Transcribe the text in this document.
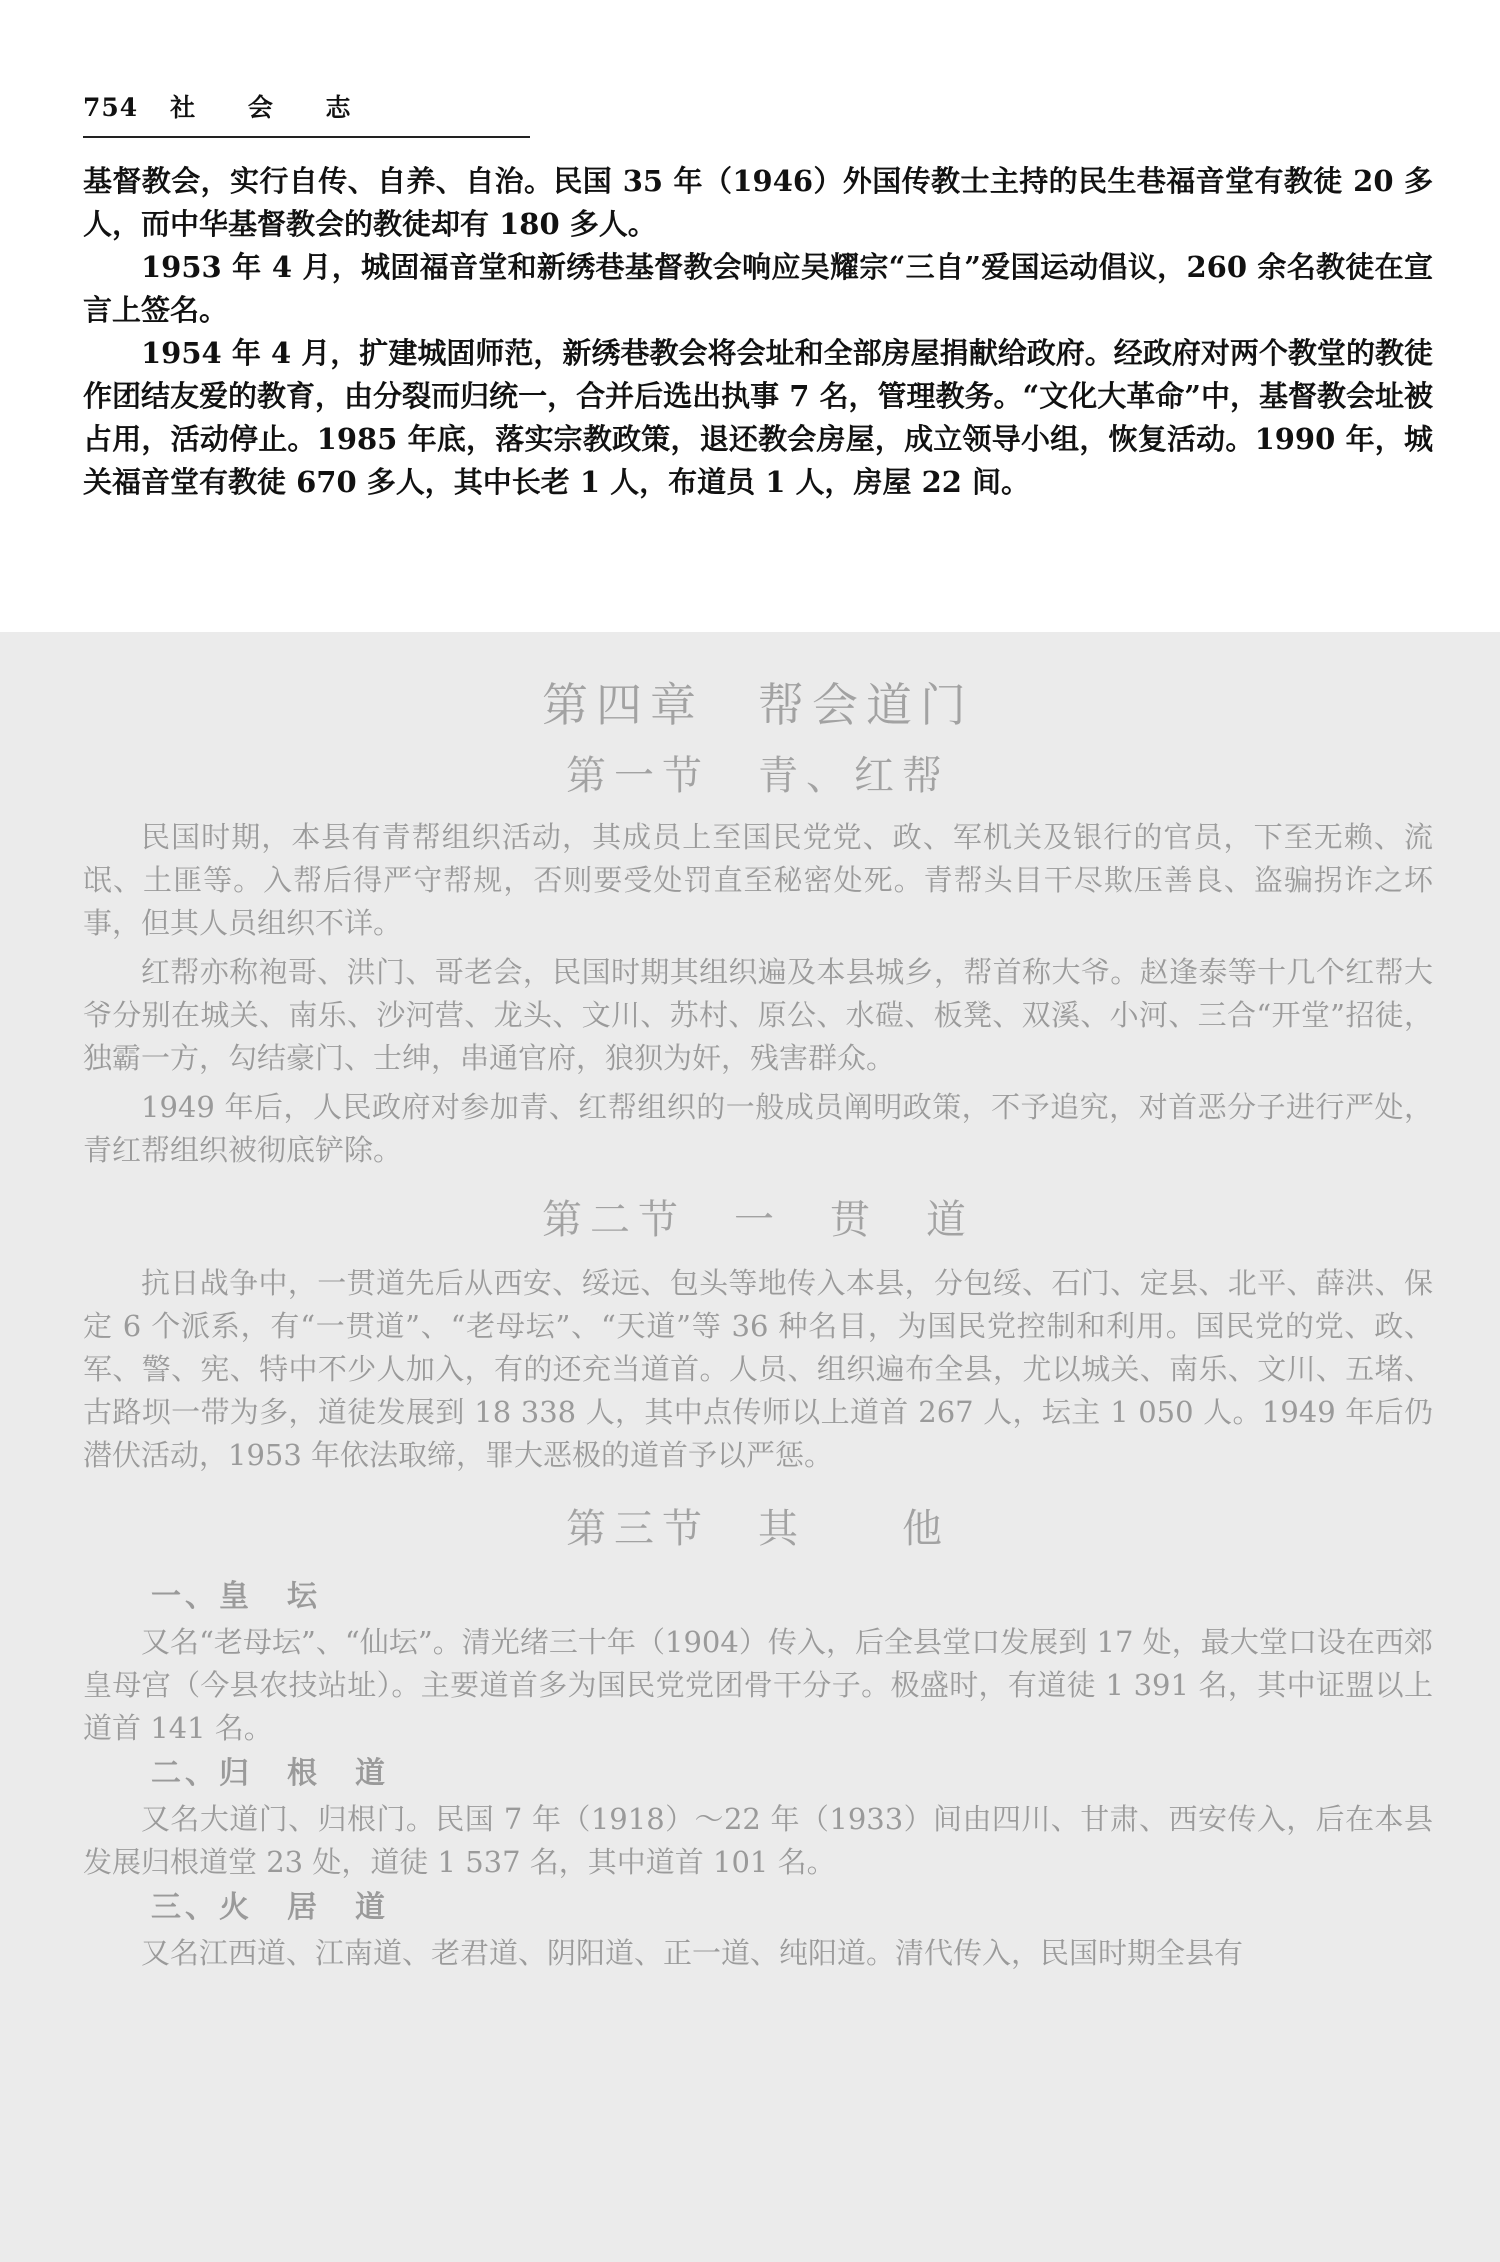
754 社 会 志

基督教会，实行自传、自养、自治。民国 35 年（1946）外国传教士主持的民生巷福音堂有教徒 20 多人，而中华基督教会的教徒却有 180 多人。

1953 年 4 月，城固福音堂和新绣巷基督教会响应吴耀宗“三自”爱国运动倡议，260 余名教徒在宣言上签名。

1954 年 4 月，扩建城固师范，新绣巷教会将会址和全部房屋捐献给政府。经政府对两个教堂的教徒作团结友爱的教育，由分裂而归统一，合并后选出执事 7 名，管理教务。“文化大革命”中，基督教会址被占用，活动停止。1985 年底，落实宗教政策，退还教会房屋，成立领导小组，恢复活动。1990 年，城关福音堂有教徒 670 多人，其中长老 1 人，布道员 1 人，房屋 22 间。

第四章　帮会道门
第一节　青、红帮

民国时期，本县有青帮组织活动，其成员上至国民党党、政、军机关及银行的官员，下至无赖、流氓、土匪等。入帮后得严守帮规，否则要受处罚直至秘密处死。青帮头目干尽欺压善良、盗骗拐诈之坏事，但其人员组织不详。

红帮亦称袍哥、洪门、哥老会，民国时期其组织遍及本县城乡，帮首称大爷。赵逢泰等十几个红帮大爷分别在城关、南乐、沙河营、龙头、文川、苏村、原公、水磑、板凳、双溪、小河、三合“开堂”招徒，独霸一方，勾结豪门、士绅，串通官府，狼狈为奸，残害群众。

1949 年后，人民政府对参加青、红帮组织的一般成员阐明政策，不予追究，对首恶分子进行严处，青红帮组织被彻底铲除。

第二节　一　贯　道

抗日战争中，一贯道先后从西安、绥远、包头等地传入本县，分包绥、石门、定县、北平、薛洪、保定 6 个派系，有“一贯道”、“老母坛”、“天道”等 36 种名目，为国民党控制和利用。国民党的党、政、军、警、宪、特中不少人加入，有的还充当道首。人员、组织遍布全县，尤以城关、南乐、文川、五堵、古路坝一带为多，道徒发展到 18 338 人，其中点传师以上道首 267 人，坛主 1 050 人。1949 年后仍潜伏活动，1953 年依法取缔，罪大恶极的道首予以严惩。

第三节　其　　他
一、皇　坛

又名“老母坛”、“仙坛”。清光绪三十年（1904）传入，后全县堂口发展到 17 处，最大堂口设在西郊皇母宫（今县农技站址）。主要道首多为国民党党团骨干分子。极盛时，有道徒 1 391 名，其中证盟以上道首 141 名。

二、归　根　道

又名大道门、归根门。民国 7 年（1918）～22 年（1933）间由四川、甘肃、西安传入，后在本县发展归根道堂 23 处，道徒 1 537 名，其中道首 101 名。

三、火　居　道

又名江西道、江南道、老君道、阴阳道、正一道、纯阳道。清代传入，民国时期全县有
